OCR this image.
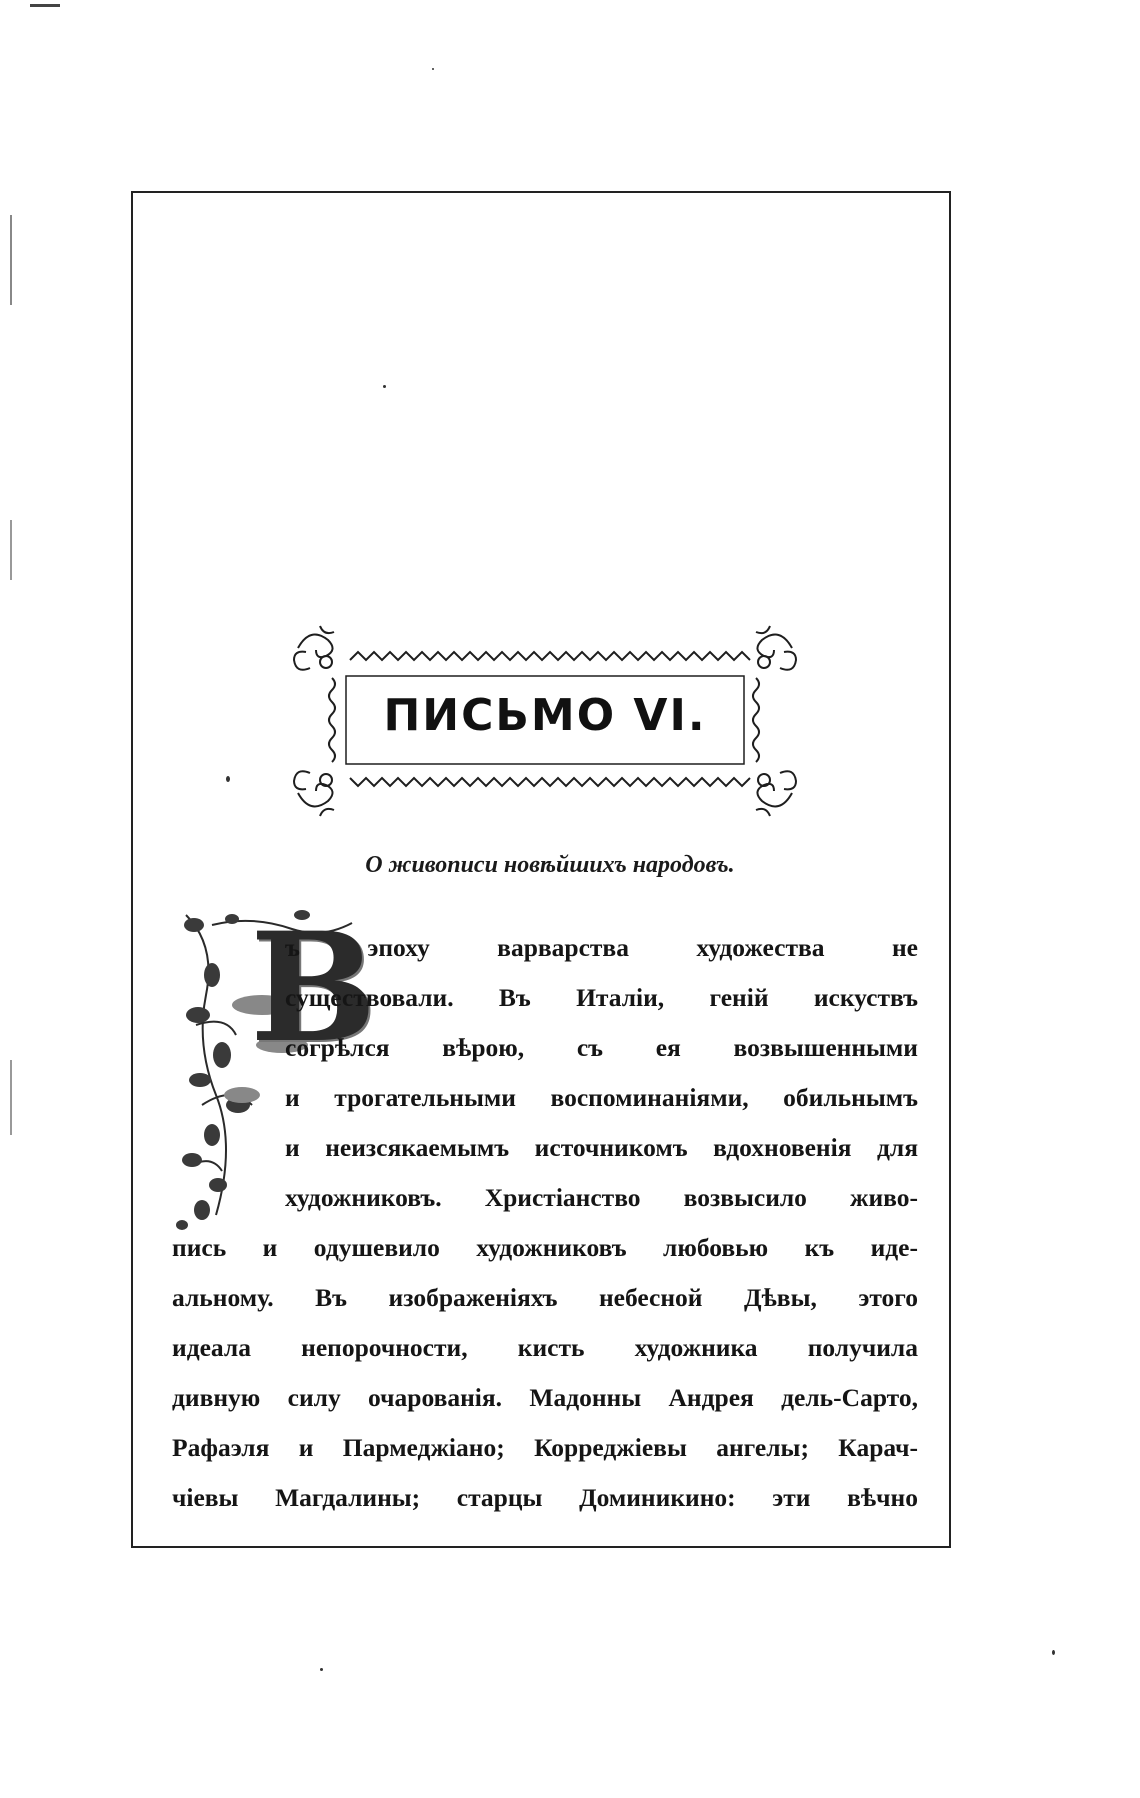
ПИСЬМО VI.
О живописи новѣйшихъ народовъ.
В
ъ эпоху варварства художества не
существовали. Въ Италіи, геній искуствъ
согрѣлся вѣрою, съ ея возвышенными
и трогательными воспоминаніями, обильнымъ
и неизсякаемымъ источникомъ вдохновенія для
художниковъ. Христіанство возвысило живо-
пись и одушевило художниковъ любовью къ иде-
альному. Въ изображеніяхъ небесной Дѣвы, этого
идеала непорочности, кисть художника получила
дивную силу очарованія. Мадонны Андрея дель-Сарто,
Рафаэля и Пармеджіано; Корреджіевы ангелы; Карач-
чіевы Магдалины; старцы Доминикино: эти вѣчно
